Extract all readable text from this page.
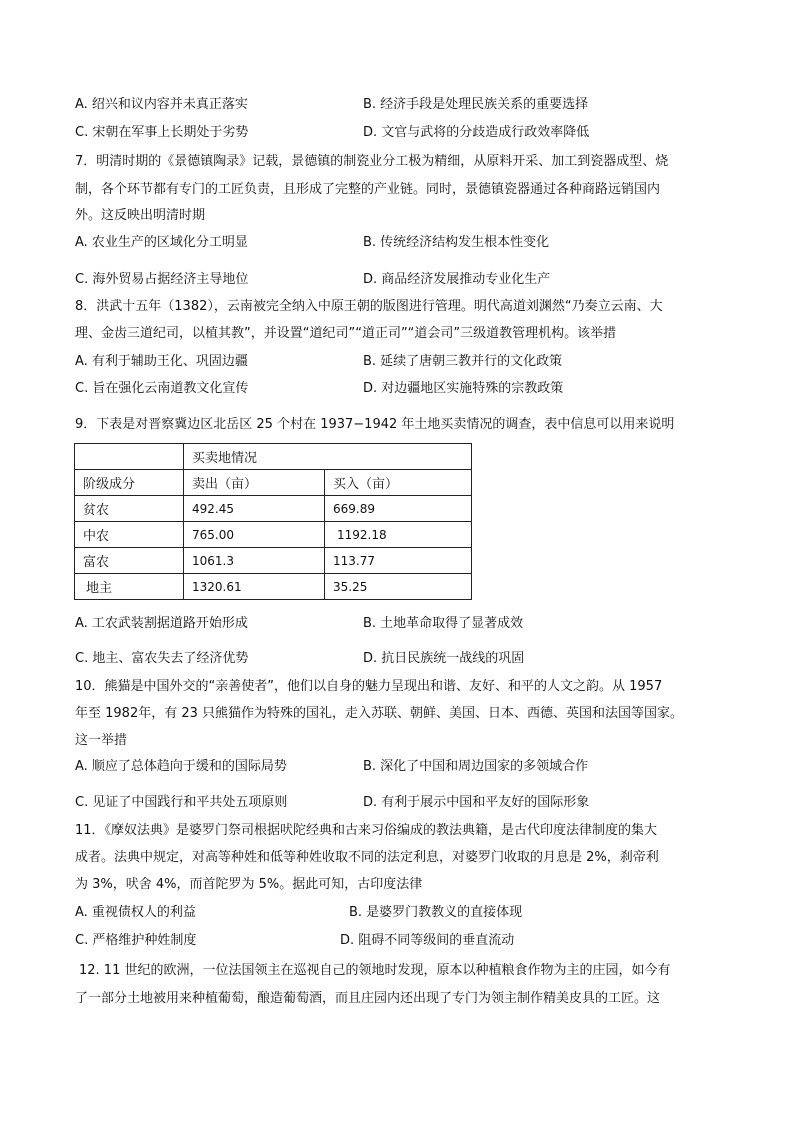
A. 绍兴和议内容并未真正落实	B. 经济手段是处理民族关系的重要选择
C. 宋朝在军事上长期处于劣势	D. 文官与武将的分歧造成行政效率降低
7．明清时期的《景德镇陶录》记载，景德镇的制瓷业分工极为精细，从原料开采、加工到瓷器成型、烧
制，各个环节都有专门的工匠负责，且形成了完整的产业链。同时，景德镇瓷器通过各种商路远销国内
外。这反映出明清时期
A. 农业生产的区域化分工明显	B. 传统经济结构发生根本性变化
C. 海外贸易占据经济主导地位	D. 商品经济发展推动专业化生产
8．洪武十五年（1382），云南被完全纳入中原王朝的版图进行管理。明代高道刘渊然“乃奏立云南、大
理、金齿三道纪司，以植其教”，并设置“道纪司”“道正司”“道会司”三级道教管理机构。该举措
A. 有利于辅助王化、巩固边疆	B. 延续了唐朝三教并行的文化政策
C. 旨在强化云南道教文化宣传	D. 对边疆地区实施特殊的宗教政策
9．下表是对晋察冀边区北岳区 25 个村在 1937−1942 年土地买卖情况的调查，表中信息可以用来说明
	买卖地情况	
阶级成分	卖出（亩）	买入（亩）
贫农	492.45	669.89
中农	765.00	1192.18
富农	1061.3	113.77
地主	1320.61	35.25
A. 工农武装割据道路开始形成	B. 土地革命取得了显著成效
C. 地主、富农失去了经济优势	D. 抗日民族统一战线的巩固
10．熊猫是中国外交的“亲善使者”，他们以自身的魅力呈现出和谐、友好、和平的人文之韵。从 1957
年至 1982年，有 23 只熊猫作为特殊的国礼，走入苏联、朝鲜、美国、日本、西德、英国和法国等国家。
这一举措
A. 顺应了总体趋向于缓和的国际局势	B. 深化了中国和周边国家的多领域合作
C. 见证了中国践行和平共处五项原则	D. 有利于展示中国和平友好的国际形象
11．《摩奴法典》是婆罗门祭司根据吠陀经典和古来习俗编成的教法典籍，是古代印度法律制度的集大
成者。法典中规定，对高等种姓和低等种姓收取不同的法定利息，对婆罗门收取的月息是 2%，刹帝利
为 3%，吠舍 4%，而首陀罗为 5%。据此可知，古印度法律
A. 重视债权人的利益	B. 是婆罗门教教义的直接体现
C. 严格维护种姓制度	D. 阻碍不同等级间的垂直流动
12. 11 世纪的欧洲，一位法国领主在巡视自己的领地时发现，原本以种植粮食作物为主的庄园，如今有
了一部分土地被用来种植葡萄，酿造葡萄酒，而且庄园内还出现了专门为领主制作精美皮具的工匠。这
